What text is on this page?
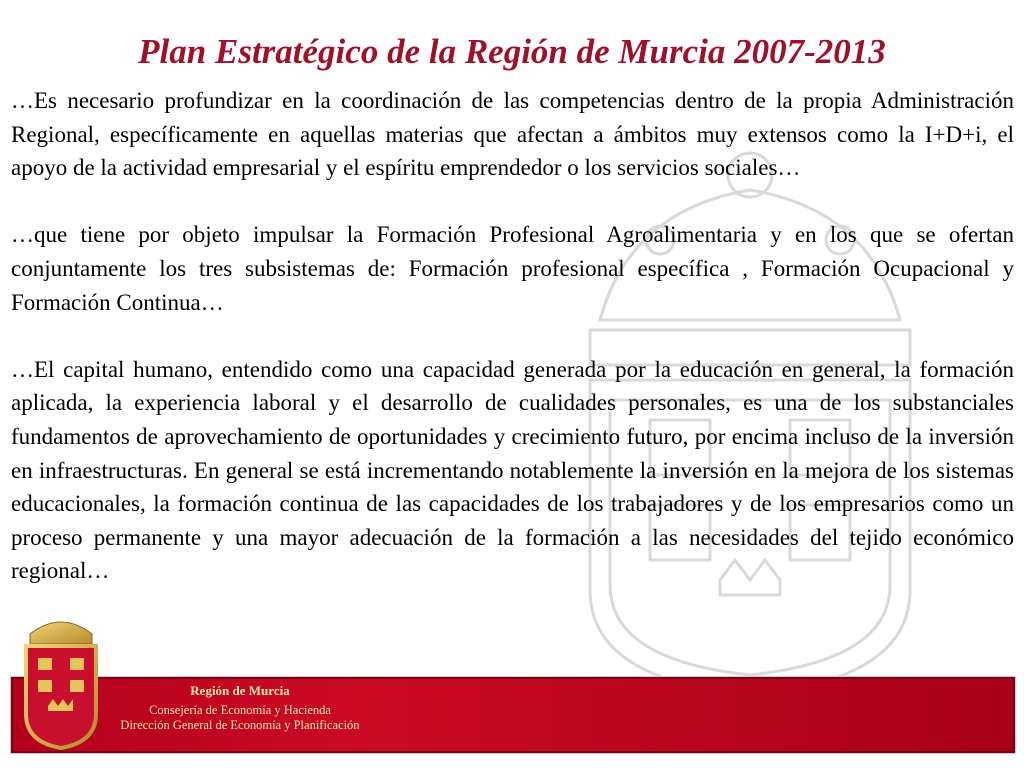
Plan Estratégico de la Región de Murcia 2007-2013

…Es necesario profundizar en la coordinación de las competencias dentro de la propia Administración Regional, específicamente en aquellas materias que afectan a ámbitos muy extensos como la I+D+i, el apoyo de la actividad empresarial y el espíritu emprendedor o los servicios sociales…

…que tiene por objeto impulsar la Formación Profesional Agroalimentaria y en los que se ofertan conjuntamente los tres subsistemas de: Formación profesional específica , Formación Ocupacional y Formación Continua…

…El capital humano, entendido como una capacidad generada por la educación en general, la formación aplicada, la experiencia laboral y el desarrollo de cualidades personales, es una de los substanciales fundamentos de aprovechamiento de oportunidades y crecimiento futuro, por encima incluso de la inversión en infraestructuras. En general se está incrementando notablemente la inversión en la mejora de los sistemas educacionales, la formación continua de las capacidades de los trabajadores y de los empresarios como un proceso permanente y una mayor adecuación de la formación a las necesidades del tejido económico regional…

Región de Murcia
Consejería de Economía y Hacienda
Dirección General de Economía y Planificación
